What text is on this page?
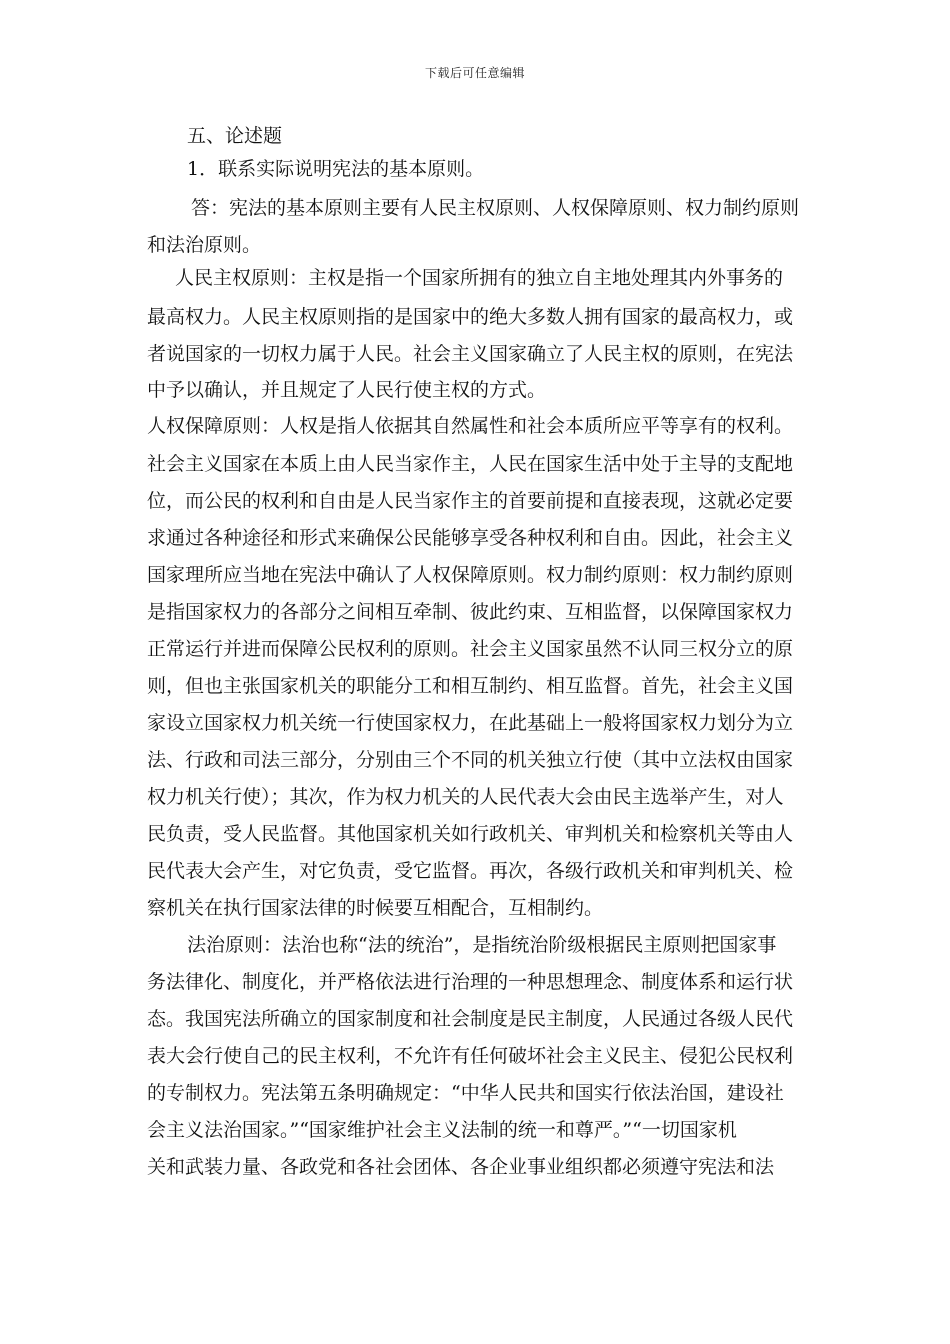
下载后可任意编辑
五、论述题
1．联系实际说明宪法的基本原则。
答：宪法的基本原则主要有人民主权原则、人权保障原则、权力制约原则
和法治原则。
人民主权原则：主权是指一个国家所拥有的独立自主地处理其内外事务的
最高权力。人民主权原则指的是国家中的绝大多数人拥有国家的最高权力，或
者说国家的一切权力属于人民。社会主义国家确立了人民主权的原则，在宪法
中予以确认，并且规定了人民行使主权的方式。
人权保障原则：人权是指人依据其自然属性和社会本质所应平等享有的权利。
社会主义国家在本质上由人民当家作主，人民在国家生活中处于主导的支配地
位，而公民的权利和自由是人民当家作主的首要前提和直接表现，这就必定要
求通过各种途径和形式来确保公民能够享受各种权利和自由。因此，社会主义
国家理所应当地在宪法中确认了人权保障原则。权力制约原则：权力制约原则
是指国家权力的各部分之间相互牵制、彼此约束、互相监督，以保障国家权力
正常运行并进而保障公民权利的原则。社会主义国家虽然不认同三权分立的原
则，但也主张国家机关的职能分工和相互制约、相互监督。首先，社会主义国
家设立国家权力机关统一行使国家权力，在此基础上一般将国家权力划分为立
法、行政和司法三部分，分别由三个不同的机关独立行使（其中立法权由国家
权力机关行使）；其次，作为权力机关的人民代表大会由民主选举产生，对人
民负责，受人民监督。其他国家机关如行政机关、审判机关和检察机关等由人
民代表大会产生，对它负责，受它监督。再次，各级行政机关和审判机关、检
察机关在执行国家法律的时候要互相配合，互相制约。
法治原则：法治也称“法的统治”，是指统治阶级根据民主原则把国家事
务法律化、制度化，并严格依法进行治理的一种思想理念、制度体系和运行状
态。我国宪法所确立的国家制度和社会制度是民主制度，人民通过各级人民代
表大会行使自己的民主权利，不允许有任何破坏社会主义民主、侵犯公民权利
的专制权力。宪法第五条明确规定：“中华人民共和国实行依法治国，建设社
会主义法治国家。”“国家维护社会主义法制的统一和尊严。”“一切国家机
关和武装力量、各政党和各社会团体、各企业事业组织都必须遵守宪法和法
